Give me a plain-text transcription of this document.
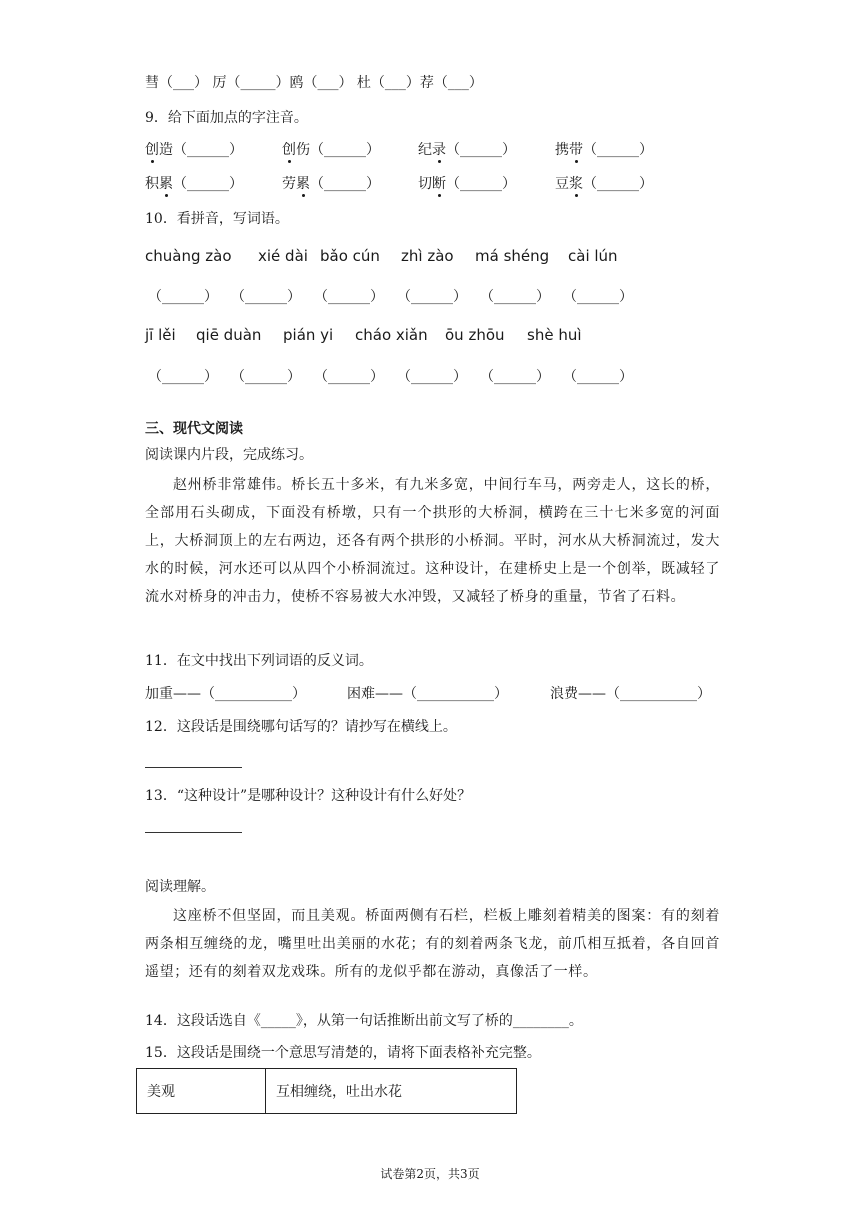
彗（___） 厉（_____）鸥（___） 杜（___）荐（___）
9．给下面加点的字注音。
创造（______）	创伤（______）	纪录（______）	携带（______）
积累（______）	劳累（______）	切断（______）	豆浆（______）
10．看拼音，写词语。
chuàng zào xié dài bǎo cún zhì zào má shéng cài lún
（______） （______） （______） （______） （______） （______）
jī lěi qiē duàn pián yi cháo xiǎn ōu zhōu shè huì
（______） （______） （______） （______） （______） （______）
三、现代文阅读
阅读课内片段，完成练习。
赵州桥非常雄伟。桥长五十多米，有九米多宽，中间行车马，两旁走人，这长的桥，全部用石头砌成，下面没有桥墩，只有一个拱形的大桥洞，横跨在三十七米多宽的河面上，大桥洞顶上的左右两边，还各有两个拱形的小桥洞。平时，河水从大桥洞流过，发大水的时候，河水还可以从四个小桥洞流过。这种设计，在建桥史上是一个创举，既减轻了流水对桥身的冲击力，使桥不容易被大水冲毁，又减轻了桥身的重量，节省了石料。
11．在文中找出下列词语的反义词。
加重——（___________）	困难——（___________）	浪费——（___________）
12．这段话是围绕哪句话写的？请抄写在横线上。
13．“这种设计”是哪种设计？这种设计有什么好处？
阅读理解。
这座桥不但坚固，而且美观。桥面两侧有石栏，栏板上雕刻着精美的图案：有的刻着两条相互缠绕的龙，嘴里吐出美丽的水花；有的刻着两条飞龙，前爪相互抵着，各自回首遥望；还有的刻着双龙戏珠。所有的龙似乎都在游动，真像活了一样。
14．这段话选自《_____》，从第一句话推断出前文写了桥的________。
15．这段话是围绕一个意思写清楚的，请将下面表格补充完整。
美观	互相缠绕，吐出水花
试卷第2页，共3页
